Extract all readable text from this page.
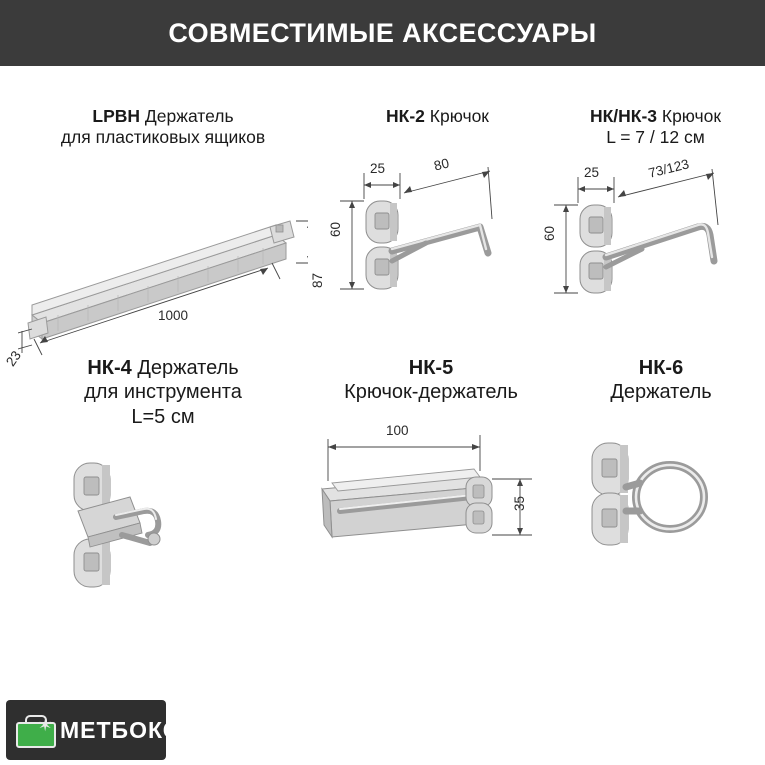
СОВМЕСТИМЫЕ АКСЕССУАРЫ
LPBH Держатель
для пластиковых ящиков
87
1000
23
НК-2 Крючок
25	80
60
НК/НК-3 Крючок
L = 7 / 12 см
25	73/123
60
НК-4 Держатель
для инструмента
L=5 см
НК-5
Крючок-держатель
100
35
НК-6
Держатель
✶ МЕТБОКС
